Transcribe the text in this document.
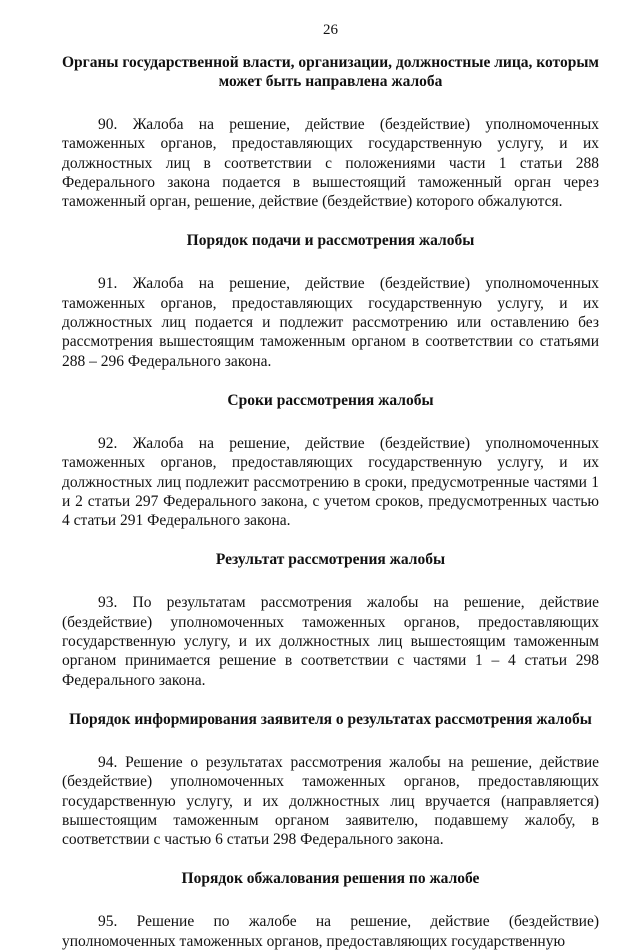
26
Органы государственной власти, организации, должностные лица, которым может быть направлена жалоба

90. Жалоба на решение, действие (бездействие) уполномоченных таможенных органов, предоставляющих государственную услугу, и их должностных лиц в соответствии с положениями части 1 статьи 288 Федерального закона подается в вышестоящий таможенный орган через таможенный орган, решение, действие (бездействие) которого обжалуются.

Порядок подачи и рассмотрения жалобы

91. Жалоба на решение, действие (бездействие) уполномоченных таможенных органов, предоставляющих государственную услугу, и их должностных лиц подается и подлежит рассмотрению или оставлению без рассмотрения вышестоящим таможенным органом в соответствии со статьями 288 – 296 Федерального закона.

Сроки рассмотрения жалобы

92. Жалоба на решение, действие (бездействие) уполномоченных таможенных органов, предоставляющих государственную услугу, и их должностных лиц подлежит рассмотрению в сроки, предусмотренные частями 1 и 2 статьи 297 Федерального закона, с учетом сроков, предусмотренных частью 4 статьи 291 Федерального закона.

Результат рассмотрения жалобы

93. По результатам рассмотрения жалобы на решение, действие (бездействие) уполномоченных таможенных органов, предоставляющих государственную услугу, и их должностных лиц вышестоящим таможенным органом принимается решение в соответствии с частями 1 – 4 статьи 298 Федерального закона.

Порядок информирования заявителя о результатах рассмотрения жалобы

94. Решение о результатах рассмотрения жалобы на решение, действие (бездействие) уполномоченных таможенных органов, предоставляющих государственную услугу, и их должностных лиц вручается (направляется) вышестоящим таможенным органом заявителю, подавшему жалобу, в соответствии с частью 6 статьи 298 Федерального закона.

Порядок обжалования решения по жалобе

95. Решение по жалобе на решение, действие (бездействие) уполномоченных таможенных органов, предоставляющих государственную
